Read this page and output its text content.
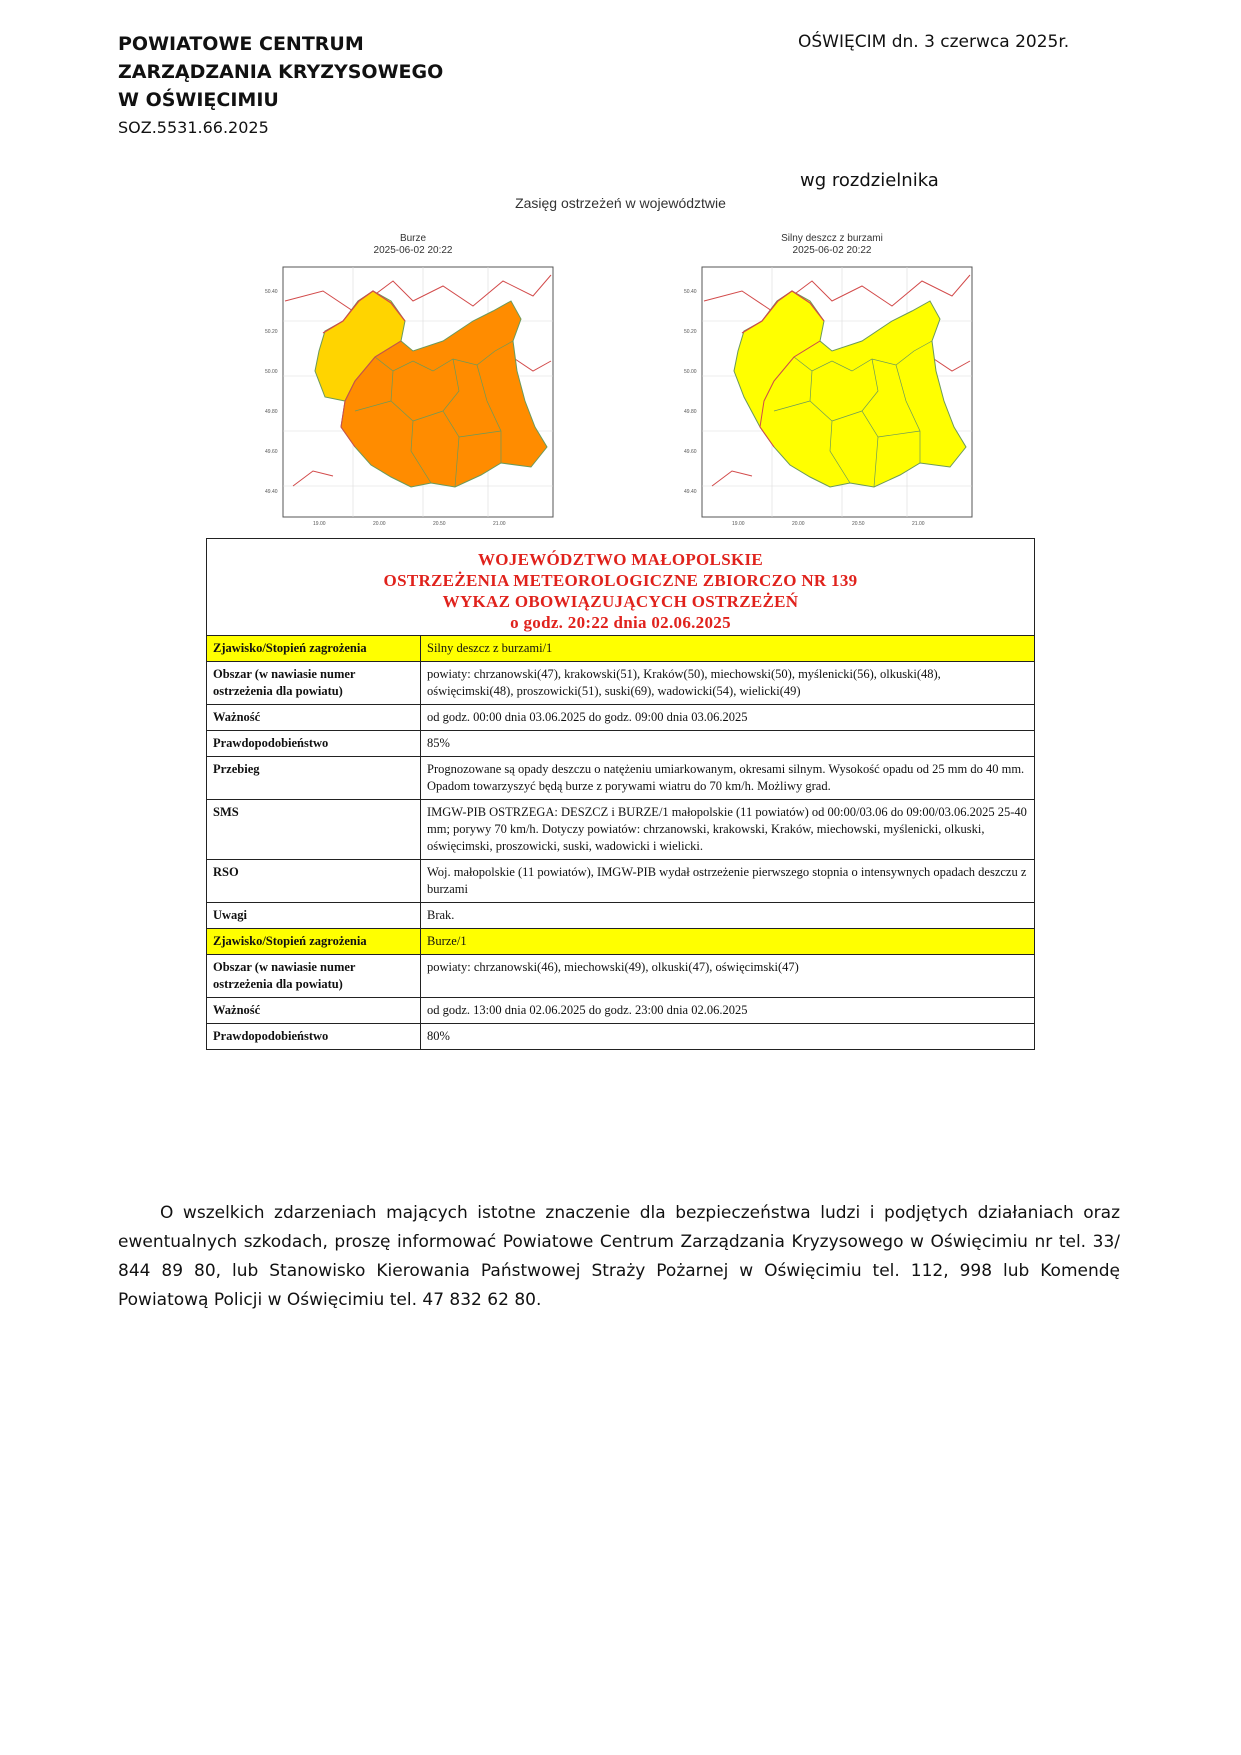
POWIATOWE CENTRUM
ZARZĄDZANIA KRYZYSOWEGO
W OŚWIĘCIMIU
SOZ.5531.66.2025
OŚWIĘCIM dn. 3 czerwca 2025r.
wg rozdzielnika
Zasięg ostrzeżeń w województwie
Burze
2025-06-02 20:22
50.40
50.20
50.00
49.80
49.60
49.40
19.00	20.00	20.50	21.00
Silny deszcz z burzami
2025-06-02 20:22
50.40
50.20
50.00
49.80
49.60
49.40
19.00	20.00	20.50	21.00
WOJEWÓDZTWO MAŁOPOLSKIE
OSTRZEŻENIA METEOROLOGICZNE ZBIORCZO NR 139
WYKAZ OBOWIĄZUJĄCYCH OSTRZEŻEŃ
o godz. 20:22 dnia 02.06.2025
Zjawisko/Stopień zagrożenia	Silny deszcz z burzami/1
Obszar (w nawiasie numer ostrzeżenia dla powiatu)	powiaty: chrzanowski(47), krakowski(51), Kraków(50), miechowski(50), myślenicki(56), olkuski(48), oświęcimski(48), proszowicki(51), suski(69), wadowicki(54), wielicki(49)
Ważność	od godz. 00:00 dnia 03.06.2025 do godz. 09:00 dnia 03.06.2025
Prawdopodobieństwo	85%
Przebieg	Prognozowane są opady deszczu o natężeniu umiarkowanym, okresami silnym. Wysokość opadu od 25 mm do 40 mm. Opadom towarzyszyć będą burze z porywami wiatru do 70 km/h. Możliwy grad.
SMS	IMGW-PIB OSTRZEGA: DESZCZ i BURZE/1 małopolskie (11 powiatów) od 00:00/03.06 do 09:00/03.06.2025 25-40 mm; porywy 70 km/h. Dotyczy powiatów: chrzanowski, krakowski, Kraków, miechowski, myślenicki, olkuski, oświęcimski, proszowicki, suski, wadowicki i wielicki.
RSO	Woj. małopolskie (11 powiatów), IMGW-PIB wydał ostrzeżenie pierwszego stopnia o intensywnych opadach deszczu z burzami
Uwagi	Brak.
Zjawisko/Stopień zagrożenia	Burze/1
Obszar (w nawiasie numer ostrzeżenia dla powiatu)	powiaty: chrzanowski(46), miechowski(49), olkuski(47), oświęcimski(47)
Ważność	od godz. 13:00 dnia 02.06.2025 do godz. 23:00 dnia 02.06.2025
Prawdopodobieństwo	80%

O wszelkich zdarzeniach mających istotne znaczenie dla bezpieczeństwa ludzi i podjętych działaniach oraz ewentualnych szkodach, proszę informować Powiatowe Centrum Zarządzania Kryzysowego w Oświęcimiu nr tel. 33/ 844 89 80, lub Stanowisko Kierowania Państwowej Straży Pożarnej w Oświęcimiu tel. 112, 998 lub Komendę Powiatową Policji w Oświęcimiu tel. 47 832 62 80.
